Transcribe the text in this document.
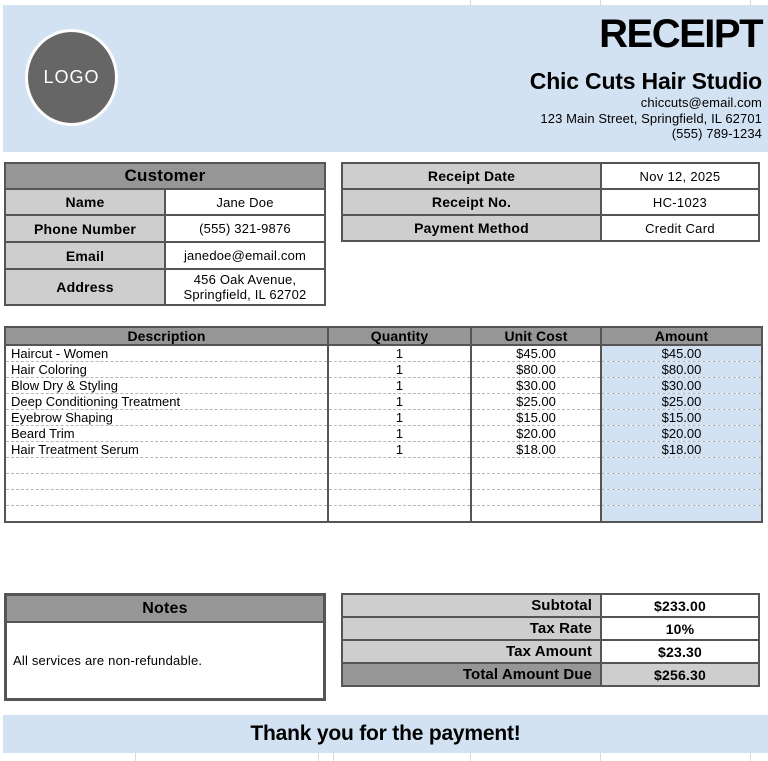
LOGO
RECEIPT
Chic Cuts Hair Studio
chiccuts@email.com
123 Main Street, Springfield, IL 62701
(555) 789-1234
Customer	
Name	Jane Doe
Phone Number	(555) 321-9876
Email	janedoe@email.com
Address	456 Oak Avenue, Springfield, IL 62702
Receipt Date	Nov 12, 2025
Receipt No.	HC-1023
Payment Method	Credit Card
Description	Quantity	Unit Cost	Amount
Haircut - Women	1	$45.00	$45.00
Hair Coloring	1	$80.00	$80.00
Blow Dry & Styling	1	$30.00	$30.00
Deep Conditioning Treatment	1	$25.00	$25.00
Eyebrow Shaping	1	$15.00	$15.00
Beard Trim	1	$20.00	$20.00
Hair Treatment Serum	1	$18.00	$18.00

Notes
All services are non-refundable.
Subtotal	$233.00
Tax Rate	10%
Tax Amount	$23.30
Total Amount Due	$256.30
Thank you for the payment!
